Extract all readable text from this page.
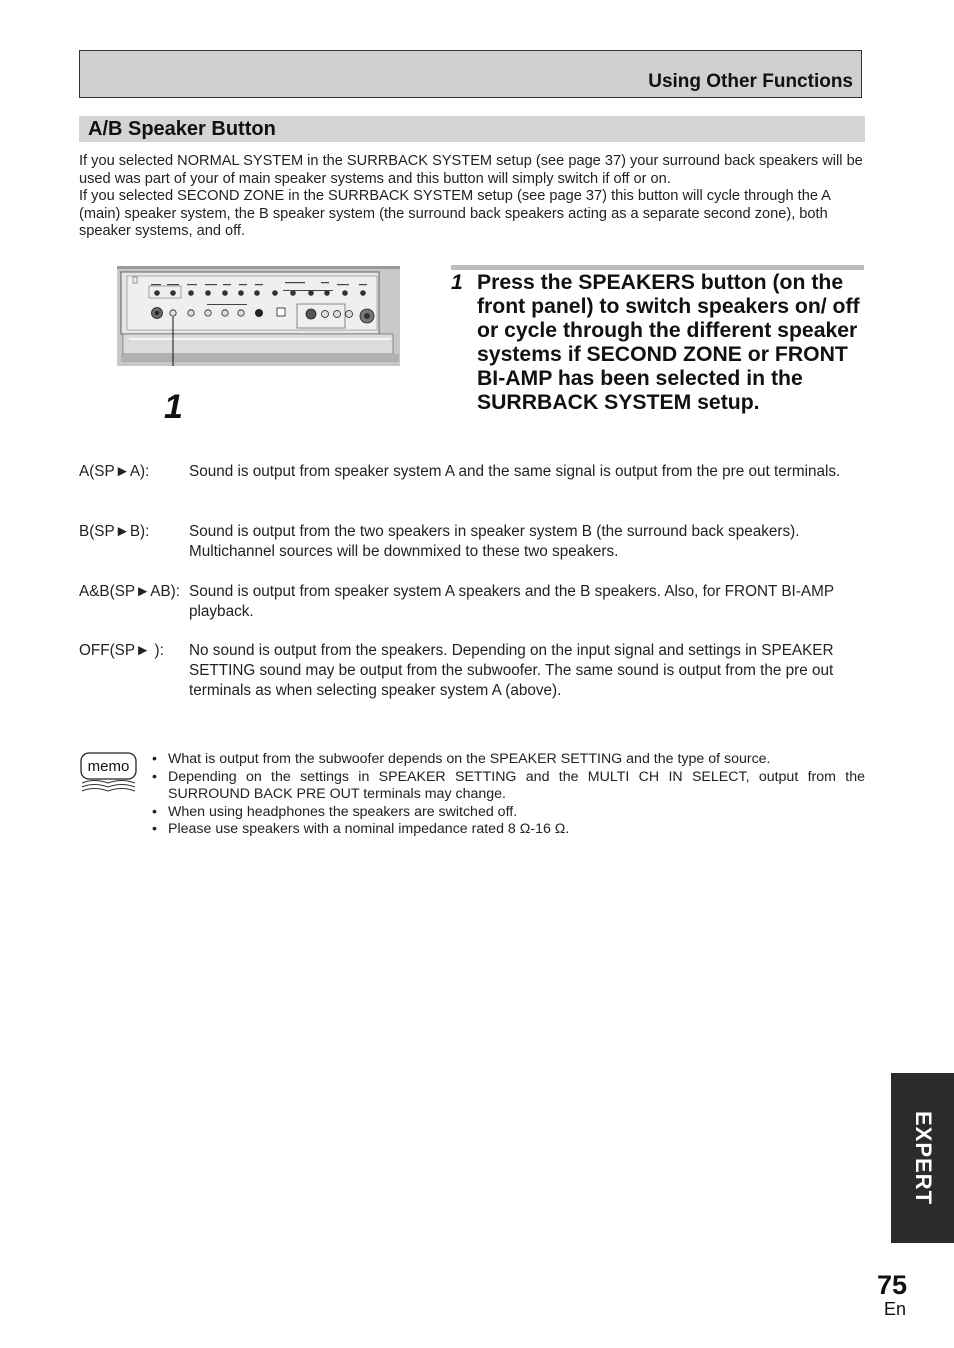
Using Other Functions
A/B Speaker Button

If you selected NORMAL SYSTEM in the SURRBACK SYSTEM setup (see page 37) your surround back speakers will be used was part of your of main speaker systems and this button will simply switch if off or on.

If you selected SECOND ZONE in the SURRBACK SYSTEM setup (see page 37) this button will cycle through the A (main) speaker system, the B speaker system (the surround back speakers acting as a separate second zone), both speaker systems, and off.

1
1 Press the SPEAKERS button (on the front panel) to switch speakers on/ off or cycle through the different speaker systems if SECOND ZONE or FRONT BI-AMP has been selected in the SURRBACK SYSTEM setup.
A(SP►A):	Sound is output from speaker system A and the same signal is output from the pre out terminals.
B(SP►B):	Sound is output from the two speakers in speaker system B (the surround back speakers). Multichannel sources will be downmixed to these two speakers.
A&B(SP►AB): Sound is output from speaker system A speakers and the B speakers. Also, for FRONT BI-AMP playback.
OFF(SP► ): No sound is output from the speakers. Depending on the input signal and settings in SPEAKER SETTING sound may be output from the subwoofer. The same sound is output from the pre out terminals as when selecting speaker system A (above).
memo • What is output from the subwoofer depends on the SPEAKER SETTING and the type of source.
• Depending on the settings in SPEAKER SETTING and the MULTI CH IN SELECT, output from the SURROUND BACK PRE OUT terminals may change.
• When using headphones the speakers are switched off.
• Please use speakers with a nominal impedance rated 8 Ω-16 Ω.
EXPERT
75
En
